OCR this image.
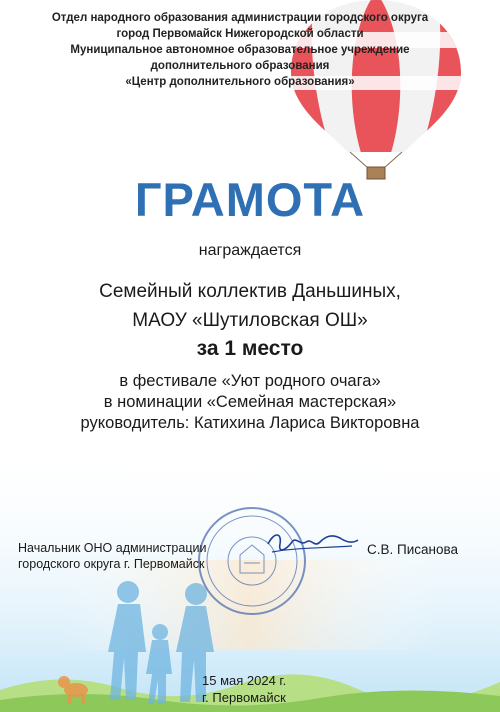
Отдел народного образования администрации городского округа
город Первомайск Нижегородской области
Муниципальное автономное образовательное учреждение
дополнительного образования
«Центр дополнительного образования»
ГРАМОТА
награждается
Семейный коллектив Даньшиных,
МАОУ «Шутиловская ОШ»
за 1 место
в фестивале «Уют родного очага»
в номинации «Семейная мастерская»
руководитель: Катихина Лариса Викторовна
Начальник ОНО администрации
городского округа г. Первомайск
С.В. Писанова
15 мая 2024 г.
г. Первомайск
